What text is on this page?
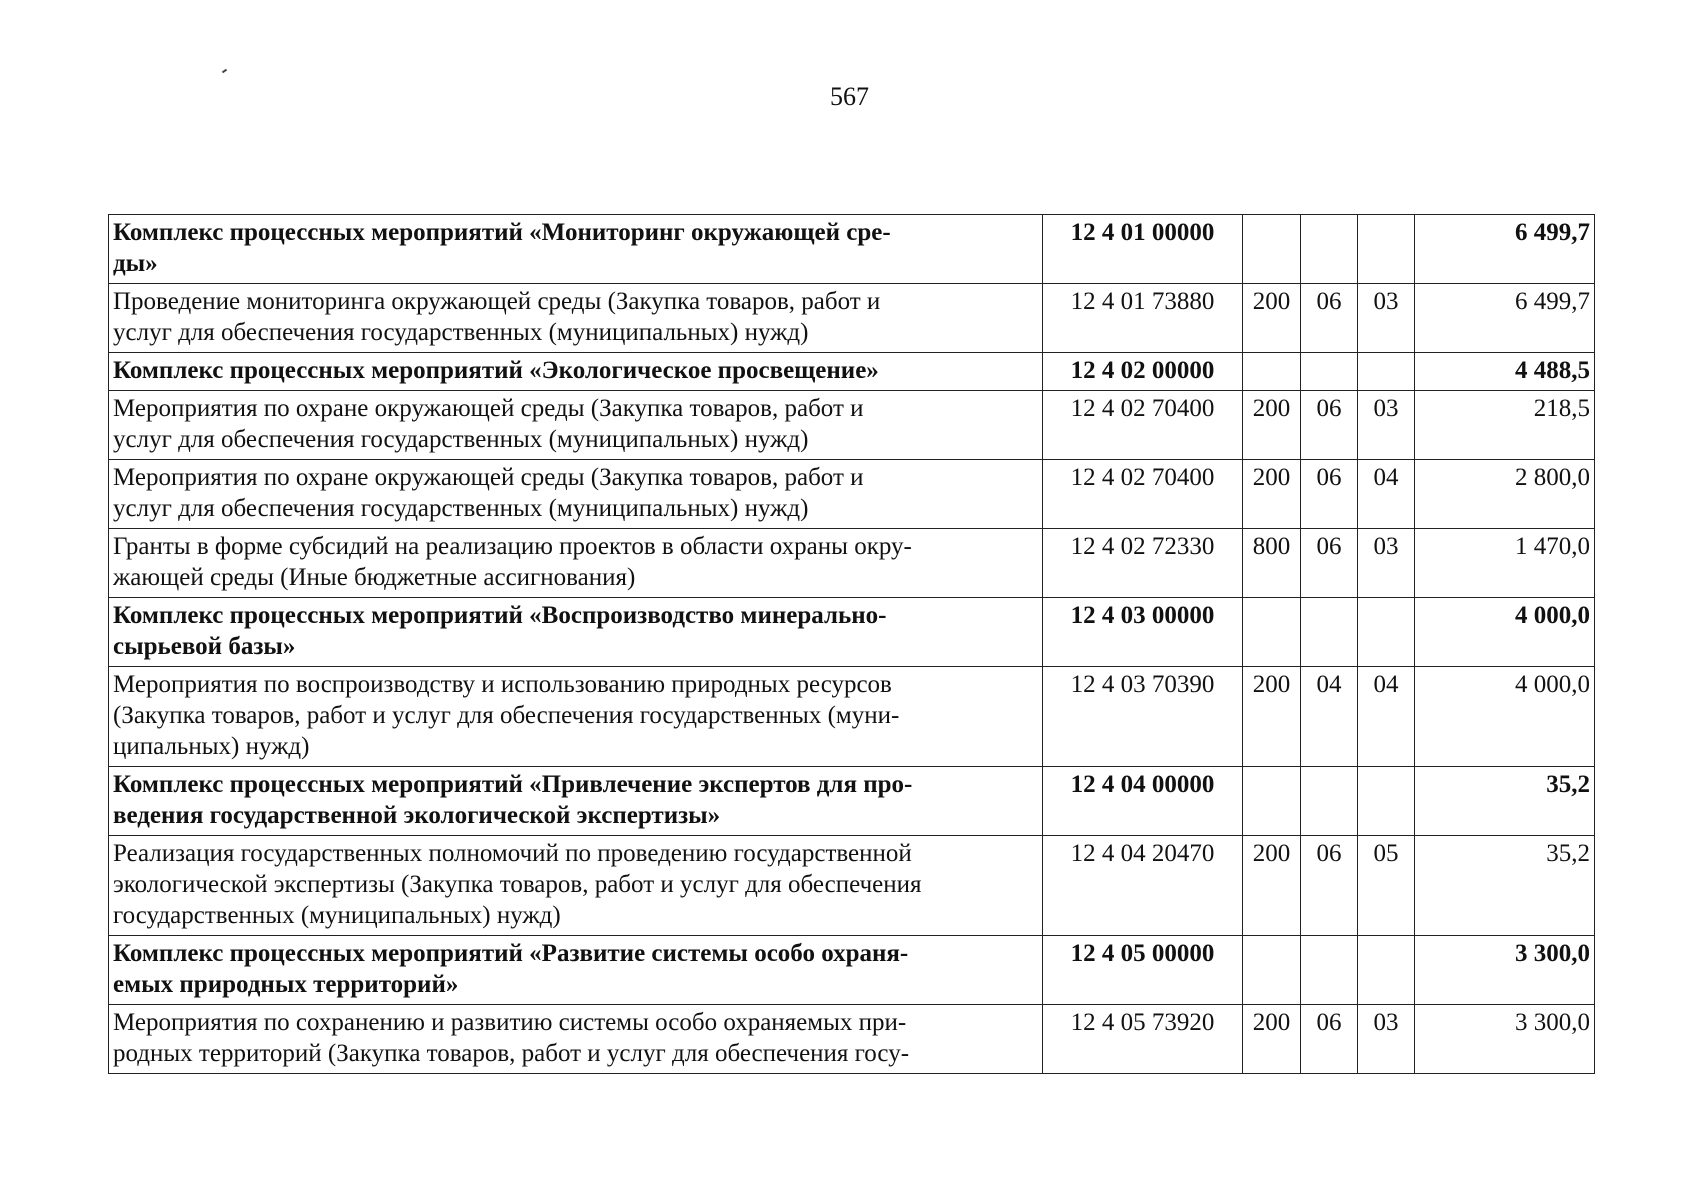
567
Комплекс процессных мероприятий «Мониторинг окружающей сре-
ды»	12 4 01 00000				6 499,7
Проведение мониторинга окружающей среды (Закупка товаров, работ и
услуг для обеспечения государственных (муниципальных) нужд)	12 4 01 73880	200	06	03	6 499,7
Комплекс процессных мероприятий «Экологическое просвещение»	12 4 02 00000				4 488,5
Мероприятия по охране окружающей среды (Закупка товаров, работ и
услуг для обеспечения государственных (муниципальных) нужд)	12 4 02 70400	200	06	03	218,5
Мероприятия по охране окружающей среды (Закупка товаров, работ и
услуг для обеспечения государственных (муниципальных) нужд)	12 4 02 70400	200	06	04	2 800,0
Гранты в форме субсидий на реализацию проектов в области охраны окру-
жающей среды (Иные бюджетные ассигнования)	12 4 02 72330	800	06	03	1 470,0
Комплекс процессных мероприятий «Воспроизводство минерально-
сырьевой базы»	12 4 03 00000				4 000,0
Мероприятия по воспроизводству и использованию природных ресурсов
(Закупка товаров, работ и услуг для обеспечения государственных (муни-
ципальных) нужд)	12 4 03 70390	200	04	04	4 000,0
Комплекс процессных мероприятий «Привлечение экспертов для про-
ведения государственной экологической экспертизы»	12 4 04 00000				35,2
Реализация государственных полномочий по проведению государственной
экологической экспертизы (Закупка товаров, работ и услуг для обеспечения
государственных (муниципальных) нужд)	12 4 04 20470	200	06	05	35,2
Комплекс процессных мероприятий «Развитие системы особо охраня-
емых природных территорий»	12 4 05 00000				3 300,0
Мероприятия по сохранению и развитию системы особо охраняемых при-
родных территорий (Закупка товаров, работ и услуг для обеспечения госу-	12 4 05 73920	200	06	03	3 300,0
